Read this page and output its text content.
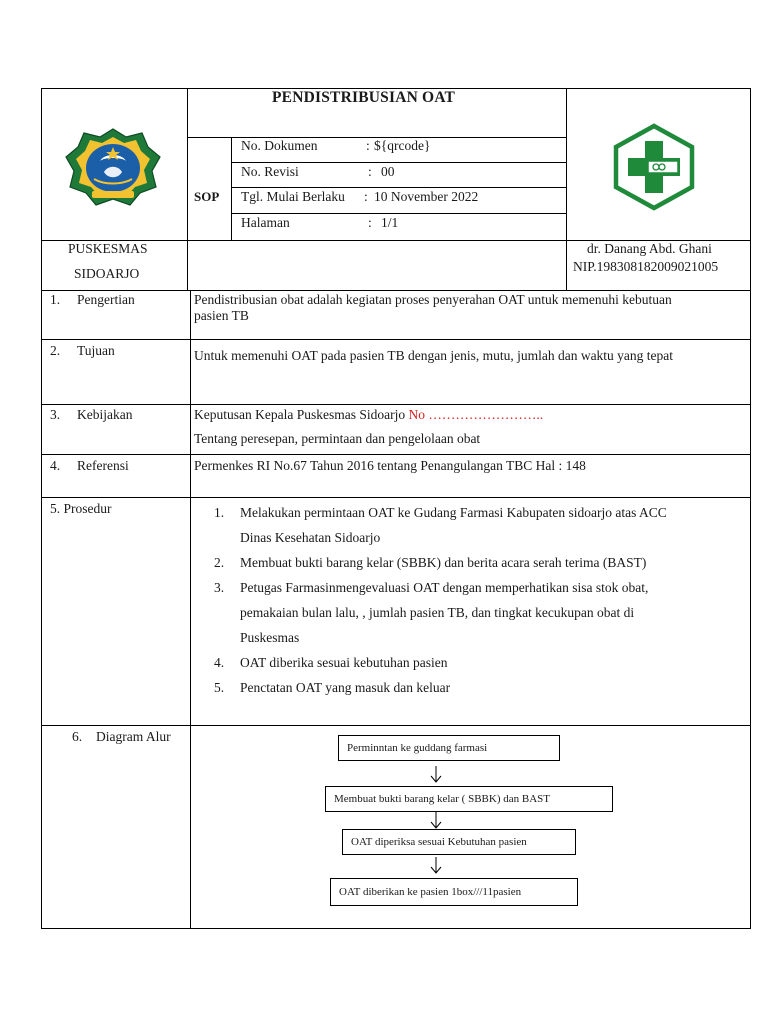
PENDISTRIBUSIAN OAT
SOP
No. Dokumen	: ${qrcode}
No. Revisi	: 00
Tgl. Mulai Berlaku : 10 November 2022
Halaman	: 1/1
PUSKESMAS
SIDOARJO
dr. Danang Abd. Ghani
NIP.198308182009021005
1. Pengertian	Pendistribusian obat adalah kegiatan proses penyerahan OAT untuk memenuhi kebutuan pasien TB
2. Tujuan	Untuk memenuhi OAT pada pasien TB dengan jenis, mutu, jumlah dan waktu yang tepat
3. Kebijakan	Keputusan Kepala Puskesmas Sidoarjo No ……………………..
Tentang peresepan, permintaan dan pengelolaan obat
4. Referensi	Permenkes RI No.67 Tahun 2016 tentang Penangulangan TBC Hal : 148
5. Prosedur	1. Melakukan permintaan OAT ke Gudang Farmasi Kabupaten sidoarjo atas ACC
Dinas Kesehatan Sidoarjo
2. Membuat bukti barang kelar (SBBK) dan berita acara serah terima (BAST)
3. Petugas Farmasinmengevaluasi OAT dengan memperhatikan sisa stok obat,
pemakaian bulan lalu, , jumlah pasien TB, dan tingkat kecukupan obat di
Puskesmas
4. OAT diberika sesuai kebutuhan pasien
5. Penctatan OAT yang masuk dan keluar
6. Diagram Alur
Perminntan ke guddang farmasi
Membuat bukti barang kelar ( SBBK) dan BAST
OAT diperiksa sesuai Kebutuhan pasien
OAT diberikan ke pasien 1box///11pasien
